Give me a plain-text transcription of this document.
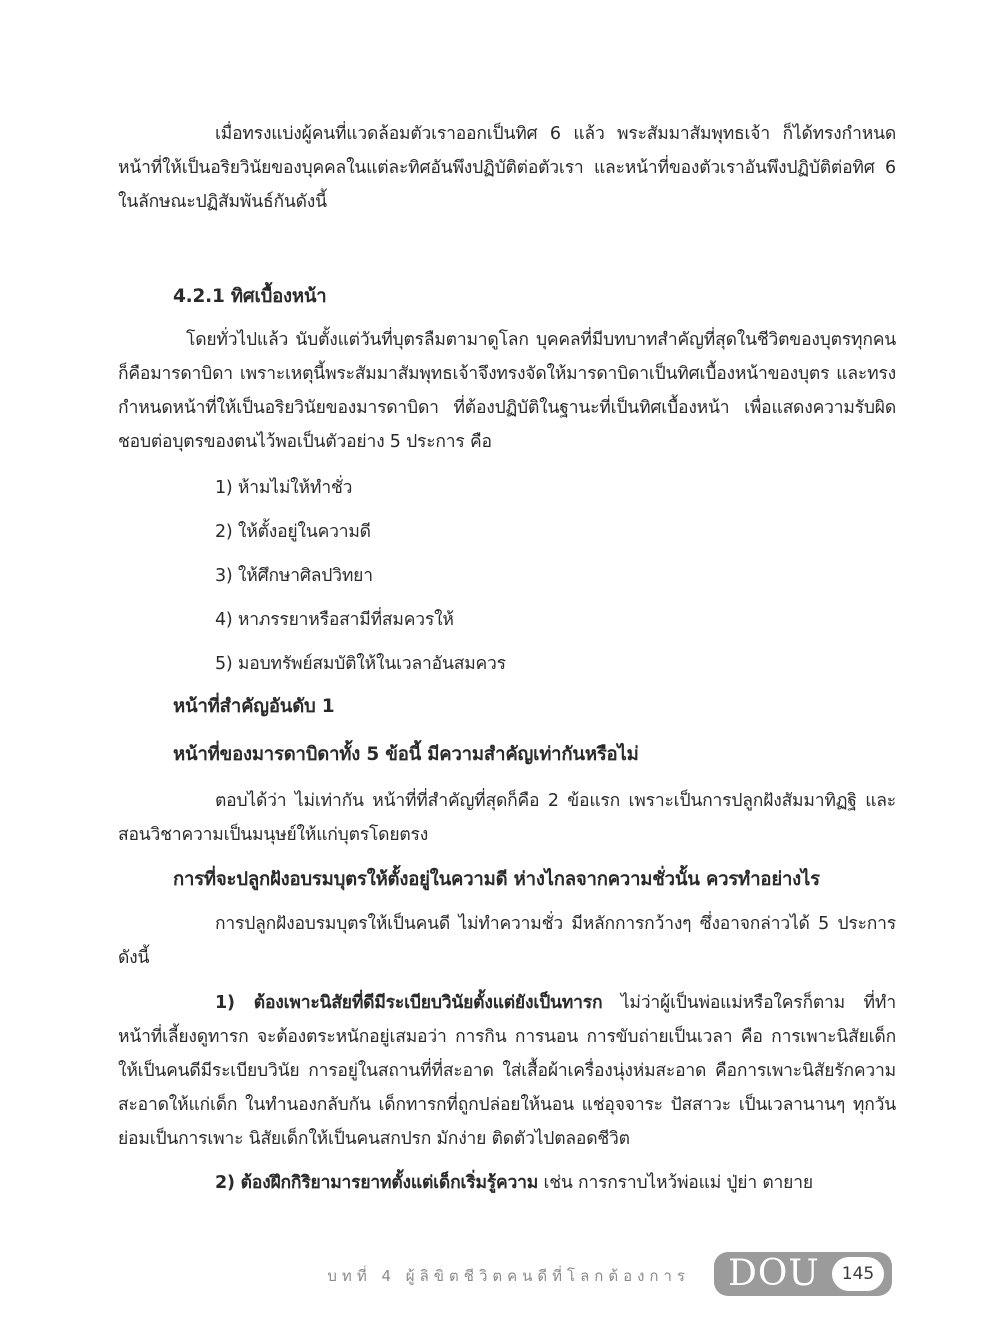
เมื่อทรงแบ่งผู้คนที่แวดล้อมตัวเราออกเป็นทิศ 6 แล้ว พระสัมมาสัมพุทธเจ้า ก็ได้ทรงกำหนดหน้าที่ให้เป็นอริยวินัยของบุคคลในแต่ละทิศอันพึงปฏิบัติต่อตัวเรา และหน้าที่ของตัวเราอันพึงปฏิบัติต่อทิศ 6 ในลักษณะปฏิสัมพันธ์กันดังนี้

4.2.1 ทิศเบื้องหน้า

โดยทั่วไปแล้ว นับตั้งแต่วันที่บุตรลืมตามาดูโลก บุคคลที่มีบทบาทสำคัญที่สุดในชีวิตของบุตรทุกคนก็คือมารดาบิดา เพราะเหตุนี้พระสัมมาสัมพุทธเจ้าจึงทรงจัดให้มารดาบิดาเป็นทิศเบื้องหน้าของบุตร และทรงกำหนดหน้าที่ให้เป็นอริยวินัยของมารดาบิดา ที่ต้องปฏิบัติในฐานะที่เป็นทิศเบื้องหน้า เพื่อแสดงความรับผิดชอบต่อบุตรของตนไว้พอเป็นตัวอย่าง 5 ประการ คือ

1) ห้ามไม่ให้ทำชั่ว

2) ให้ตั้งอยู่ในความดี

3) ให้ศึกษาศิลปวิทยา

4) หาภรรยาหรือสามีที่สมควรให้

5) มอบทรัพย์สมบัติให้ในเวลาอันสมควร

หน้าที่สำคัญอันดับ 1

หน้าที่ของมารดาบิดาทั้ง 5 ข้อนี้ มีความสำคัญเท่ากันหรือไม่

ตอบได้ว่า ไม่เท่ากัน หน้าที่ที่สำคัญที่สุดก็คือ 2 ข้อแรก เพราะเป็นการปลูกฝังสัมมาทิฏฐิ และสอนวิชาความเป็นมนุษย์ให้แก่บุตรโดยตรง

การที่จะปลูกฝังอบรมบุตรให้ตั้งอยู่ในความดี ห่างไกลจากความชั่วนั้น ควรทำอย่างไร

การปลูกฝังอบรมบุตรให้เป็นคนดี ไม่ทำความชั่ว มีหลักการกว้างๆ ซึ่งอาจกล่าวได้ 5 ประการดังนี้

1) ต้องเพาะนิสัยที่ดีมีระเบียบวินัยตั้งแต่ยังเป็นทารก ไม่ว่าผู้เป็นพ่อแม่หรือใครก็ตาม ที่ทำหน้าที่เลี้ยงดูทารก จะต้องตระหนักอยู่เสมอว่า การกิน การนอน การขับถ่ายเป็นเวลา คือ การเพาะนิสัยเด็กให้เป็นคนดีมีระเบียบวินัย การอยู่ในสถานที่ที่สะอาด ใส่เสื้อผ้าเครื่องนุ่งห่มสะอาด คือการเพาะนิสัยรักความสะอาดให้แก่เด็ก ในทำนองกลับกัน เด็กทารกที่ถูกปล่อยให้นอน แช่อุจจาระ ปัสสาวะ เป็นเวลานานๆ ทุกวัน ย่อมเป็นการเพาะ นิสัยเด็กให้เป็นคนสกปรก มักง่าย ติดตัวไปตลอดชีวิต

2) ต้องฝึกกิริยามารยาทตั้งแต่เด็กเริ่มรู้ความ เช่น การกราบไหว้พ่อแม่ ปู่ย่า ตายาย

บทที่ 4 ผู้ลิขิตชีวิตคนดีที่โลกต้องการ DOU	145
